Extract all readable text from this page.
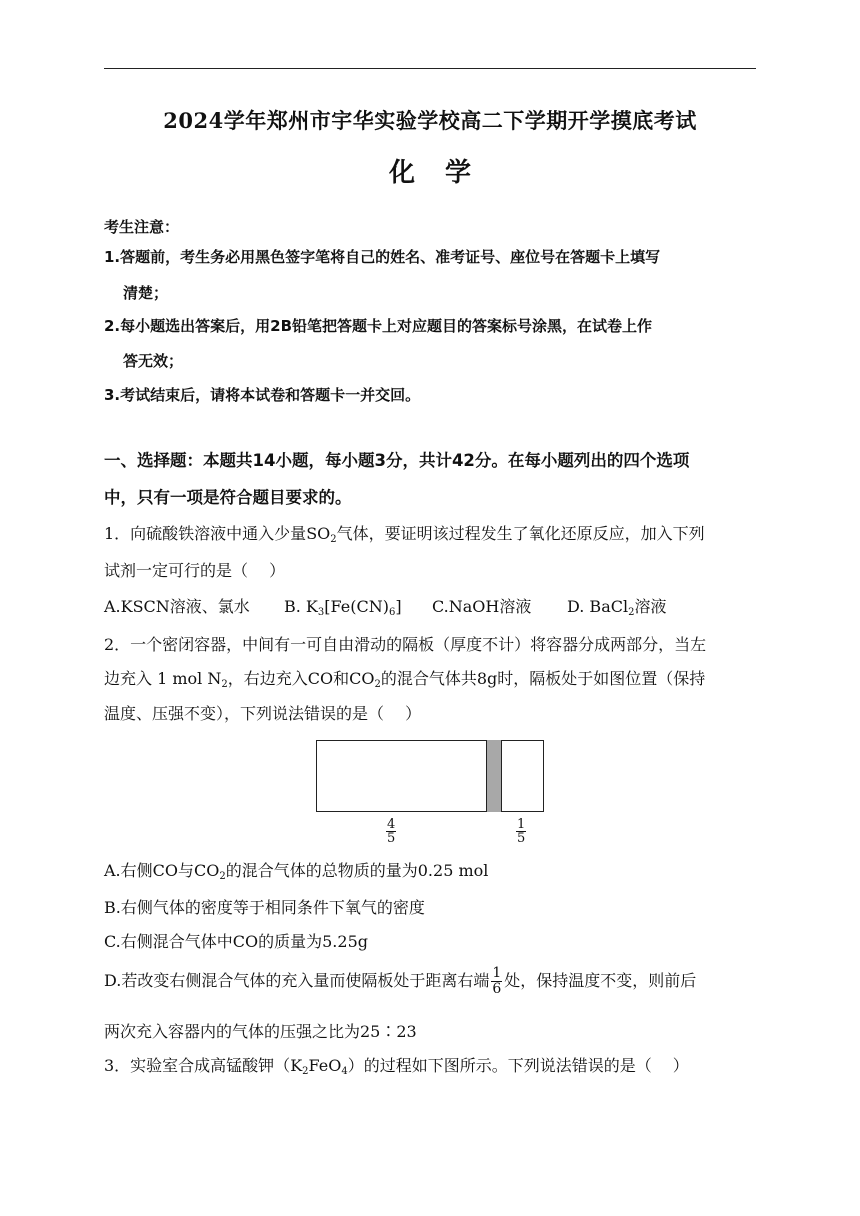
2024学年郑州市宇华实验学校高二下学期开学摸底考试
化学
考生注意：
1.答题前，考生务必用黑色签字笔将自己的姓名、准考证号、座位号在答题卡上填写
清楚；
2.每小题选出答案后，用2B铅笔把答题卡上对应题目的答案标号涂黑，在试卷上作
答无效；
3.考试结束后，请将本试卷和答题卡一并交回。
一、选择题：本题共14小题，每小题3分，共计42分。在每小题列出的四个选项
中，只有一项是符合题目要求的。
1．向硫酸铁溶液中通入少量$SO_2$气体，要证明该过程发生了氧化还原反应，加入下列
试剂一定可行的是（　 ）
A.KSCN溶液、氯水 B. $K_3[Fe(CN)_6]$ C.NaOH溶液 D. BaCl$_2$溶液
2．一个密闭容器，中间有一可自由滑动的隔板（厚度不计）将容器分成两部分，当左
边充入 1 mol $N_2$，右边充入CO和$CO_2$的混合气体共8g时，隔板处于如图位置（保持
温度、压强不变），下列说法错误的是（　 ）
$\frac{4}{5}$	$\frac{1}{5}$
A.右侧CO与$CO_2$的混合气体的总物质的量为0.25 mol
B.右侧气体的密度等于相同条件下氧气的密度
C.右侧混合气体中CO的质量为5.25g
D.若改变右侧混合气体的充入量而使隔板处于距离右端 $\frac{1}{6}$ 处，保持温度不变，则前后
两次充入容器内的气体的压强之比为25∶23
3．实验室合成高锰酸钾$(K_2FeO_4)$的过程如下图所示。下列说法错误的是（　 ）
